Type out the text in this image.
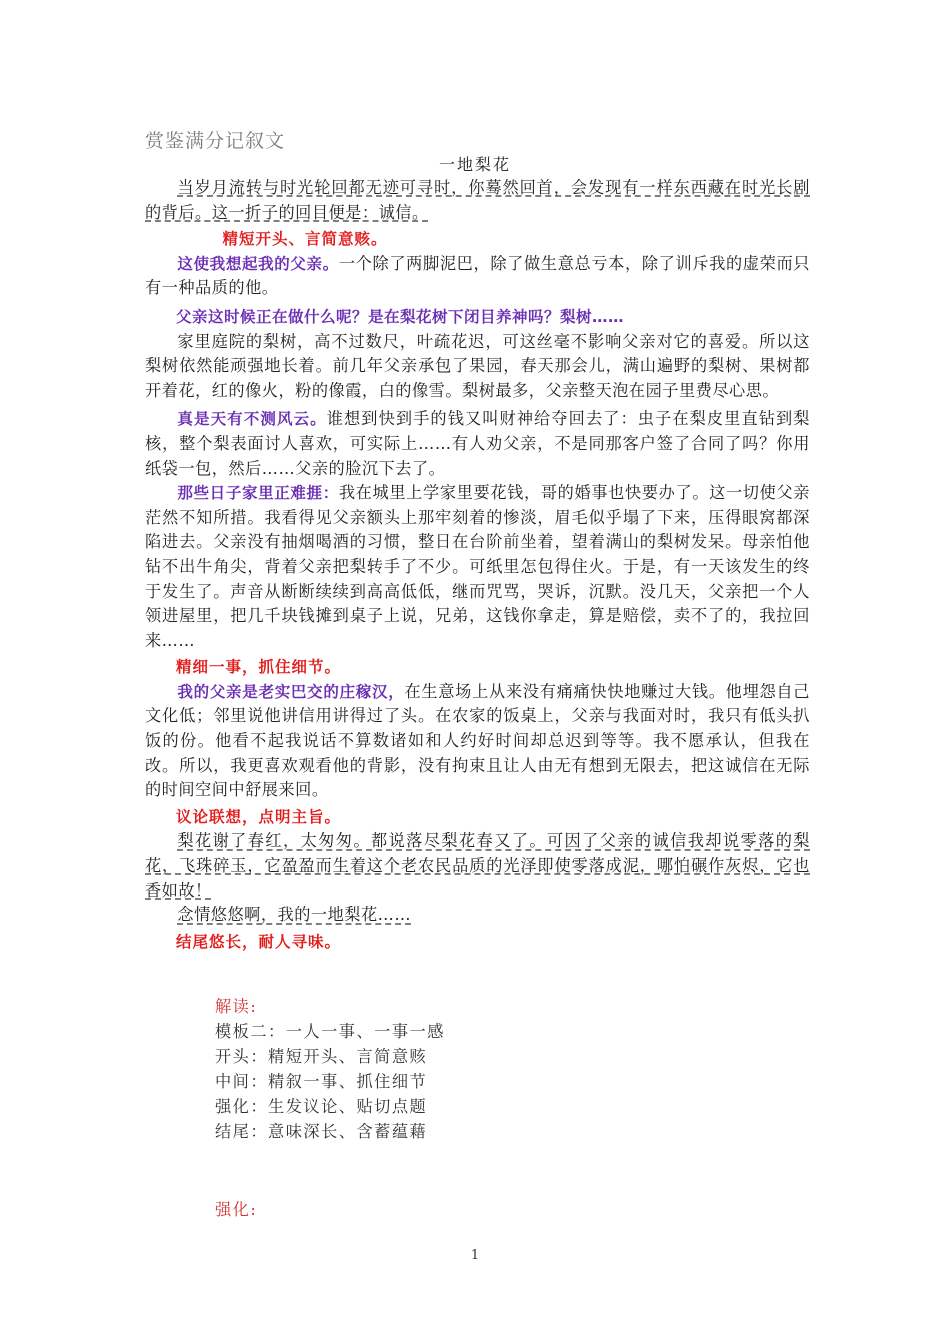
赏鉴满分记叙文
一地梨花

当岁月流转与时光轮回都无迹可寻时，你蓦然回首，会发现有一样东西藏在时光长剧的背后。这一折子的回目便是：诚信。

精短开头、言简意赅。

这使我想起我的父亲。一个除了两脚泥巴，除了做生意总亏本，除了训斥我的虚荣而只有一种品质的他。

父亲这时候正在做什么呢？是在梨花树下闭目养神吗？梨树……

家里庭院的梨树，高不过数尺，叶疏花迟，可这丝毫不影响父亲对它的喜爱。所以这梨树依然能顽强地长着。前几年父亲承包了果园，春天那会儿，满山遍野的梨树、果树都开着花，红的像火，粉的像霞，白的像雪。梨树最多，父亲整天泡在园子里费尽心思。

真是天有不测风云。谁想到快到手的钱又叫财神给夺回去了：虫子在梨皮里直钻到梨核，整个梨表面讨人喜欢，可实际上……有人劝父亲，不是同那客户签了合同了吗？你用纸袋一包，然后……父亲的脸沉下去了。

那些日子家里正难捱：我在城里上学家里要花钱，哥的婚事也快要办了。这一切使父亲茫然不知所措。我看得见父亲额头上那牢刻着的惨淡，眉毛似乎塌了下来，压得眼窝都深陷进去。父亲没有抽烟喝酒的习惯，整日在台阶前坐着，望着满山的梨树发呆。母亲怕他钻不出牛角尖，背着父亲把梨转手了不少。可纸里怎包得住火。于是，有一天该发生的终于发生了。声音从断断续续到高高低低，继而咒骂，哭诉，沉默。没几天，父亲把一个人领进屋里，把几千块钱摊到桌子上说，兄弟，这钱你拿走，算是赔偿，卖不了的，我拉回来……

精细一事，抓住细节。

我的父亲是老实巴交的庄稼汉，在生意场上从来没有痛痛快快地赚过大钱。他埋怨自己文化低；邻里说他讲信用讲得过了头。在农家的饭桌上，父亲与我面对时，我只有低头扒饭的份。他看不起我说话不算数诸如和人约好时间却总迟到等等。我不愿承认，但我在改。所以，我更喜欢观看他的背影，没有拘束且让人由无有想到无限去，把这诚信在无际的时间空间中舒展来回。

议论联想，点明主旨。

梨花谢了春红，太匆匆。都说落尽梨花春又了。可因了父亲的诚信我却说零落的梨花，飞珠碎玉，它盈盈而生着这个老农民品质的光泽即使零落成泥，哪怕碾作灰烬，它也香如故！

念情悠悠啊，我的一地梨花……

结尾悠长，耐人寻味。

解读:
模板二：一人一事、一事一感
开头：精短开头、言简意赅
中间：精叙一事、抓住细节
强化：生发议论、贴切点题
结尾：意味深长、含蓄蕴藉
强化:
1
